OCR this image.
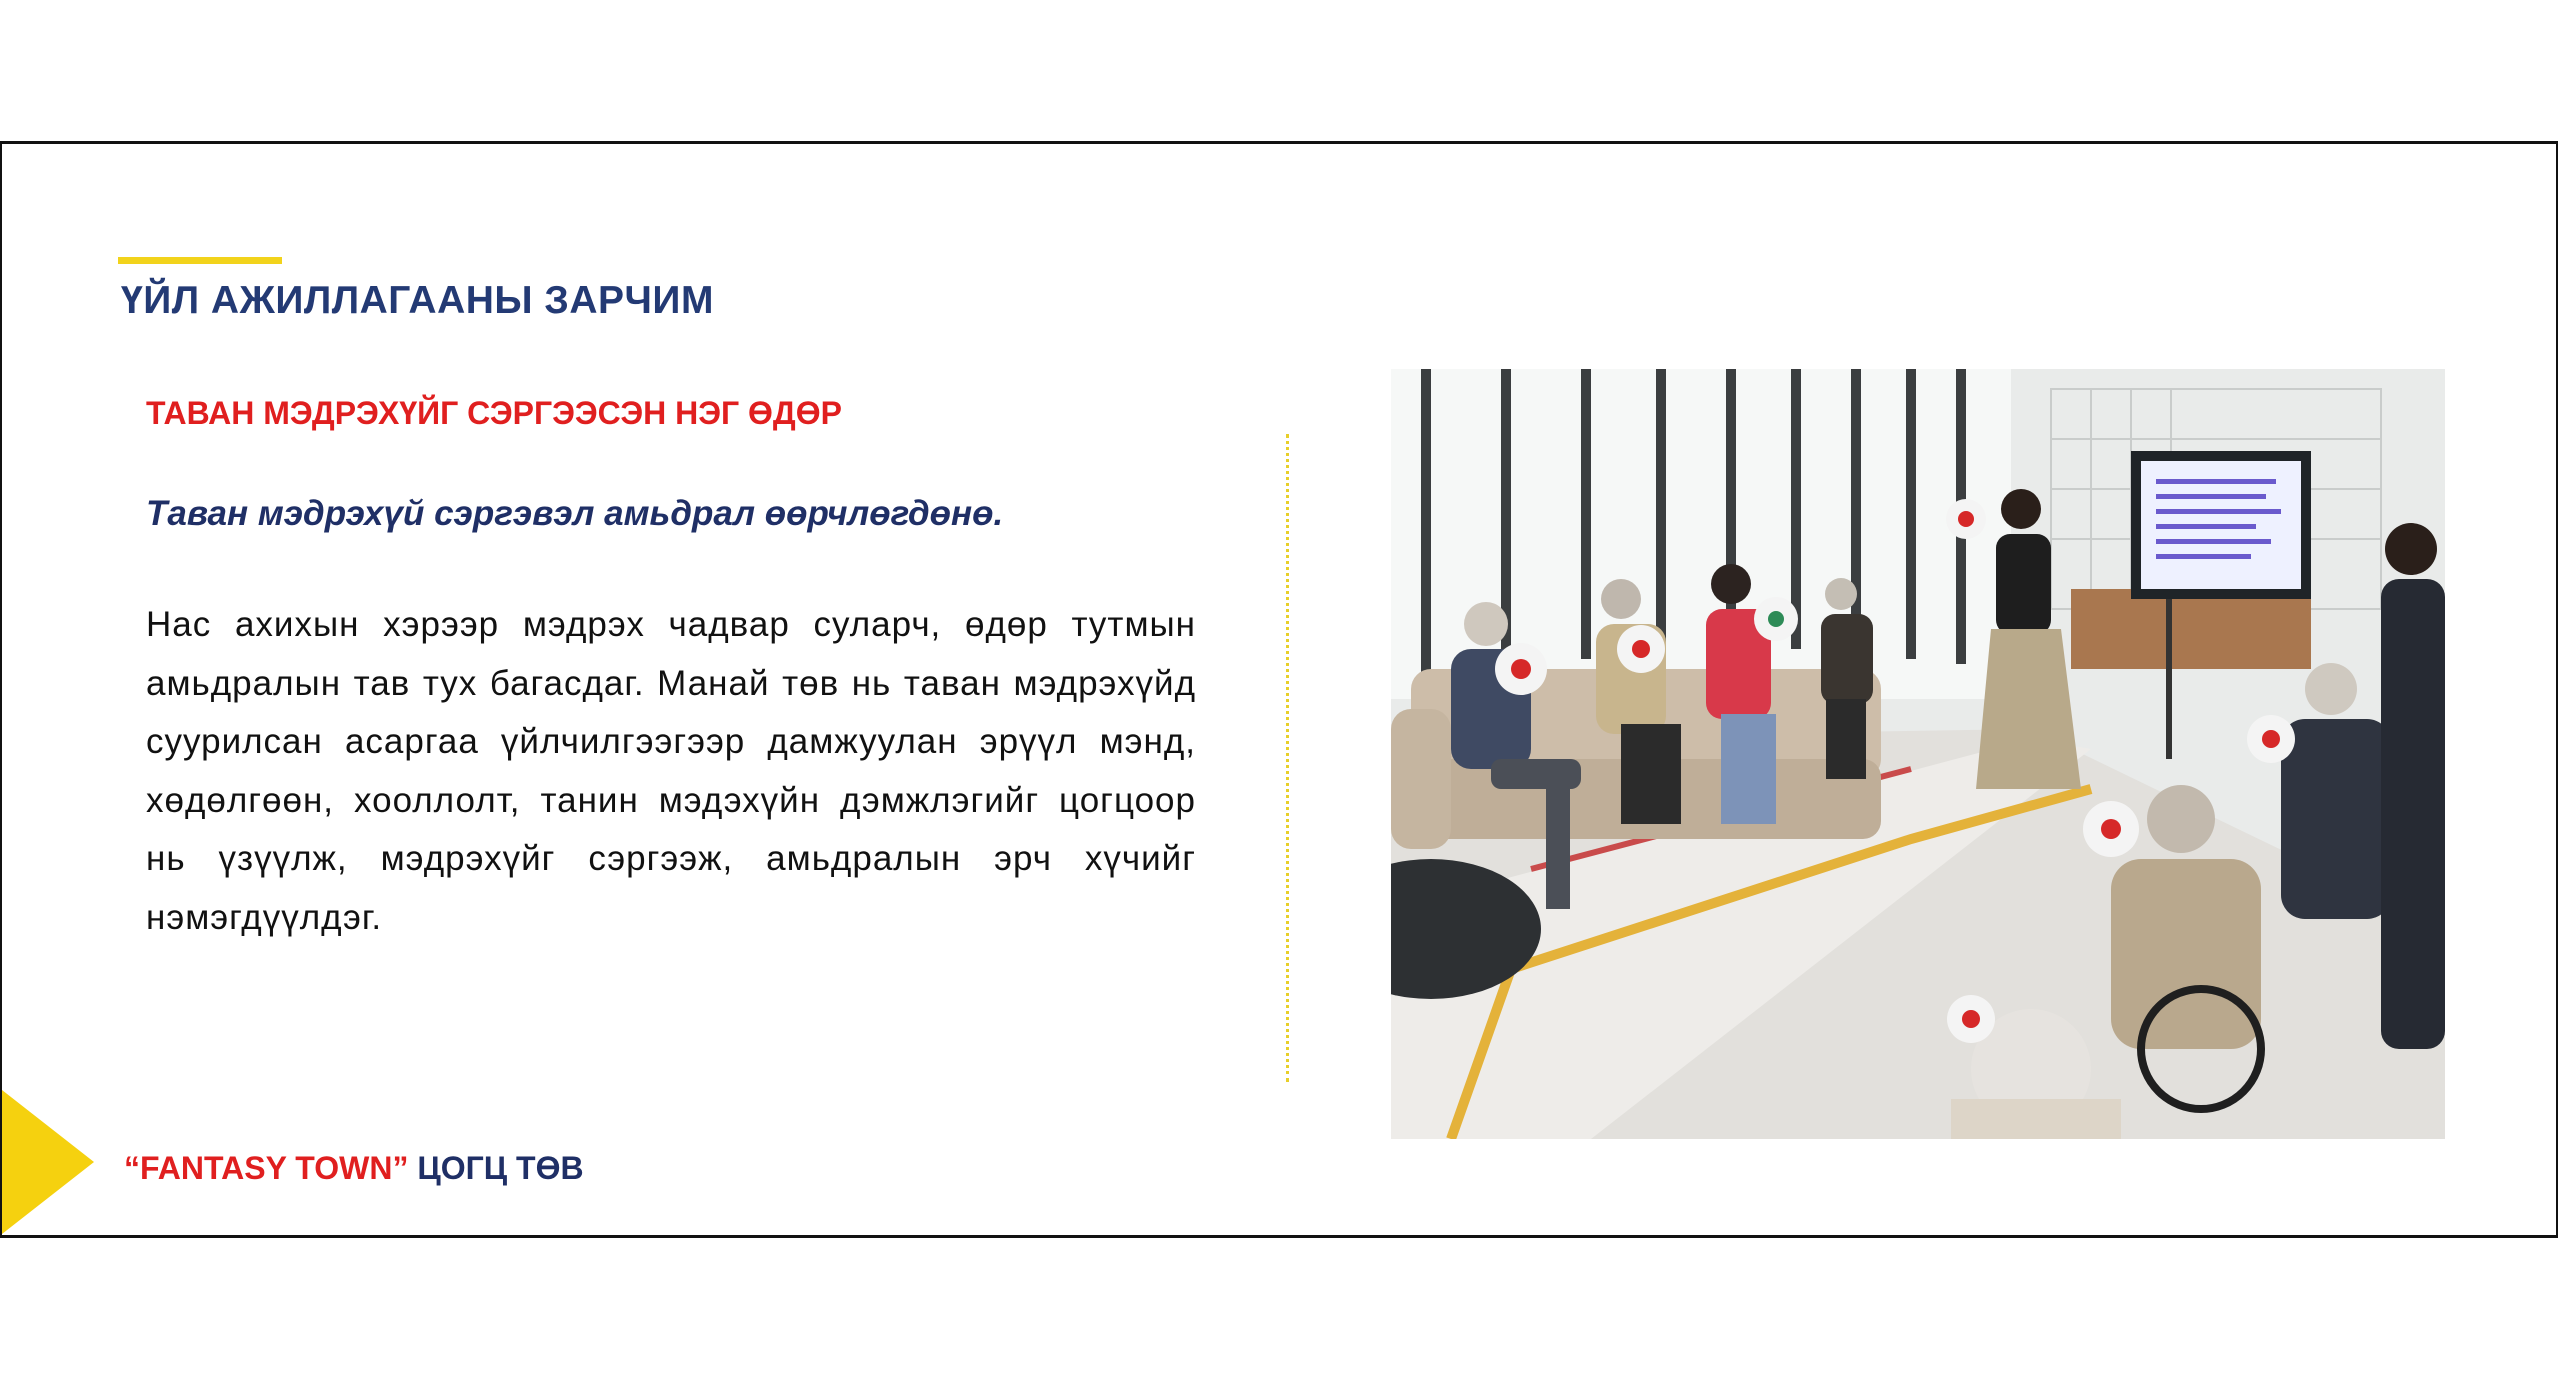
ҮЙЛ АЖИЛЛАГААНЫ ЗАРЧИМ
ТАВАН МЭДРЭХҮЙГ СЭРГЭЭСЭН НЭГ ӨДӨР

Таван мэдрэхүй сэргэвэл амьдрал өөрчлөгдөнө.

Нас ахихын хэрээр мэдрэх чадвар суларч, өдөр тутмын амьдралын тав тух багасдаг. Манай төв нь таван мэдрэхүйд суурилсан асаргаа үйлчилгээгээр дамжуулан эрүүл мэнд, хөдөлгөөн, хооллолт, танин мэдэхүйн дэмжлэгийг цогцоор нь үзүүлж, мэдрэхүйг сэргээж, амьдралын эрч хүчийг нэмэгдүүлдэг.

“FANTASY TOWN” ЦОГЦ ТӨВ
